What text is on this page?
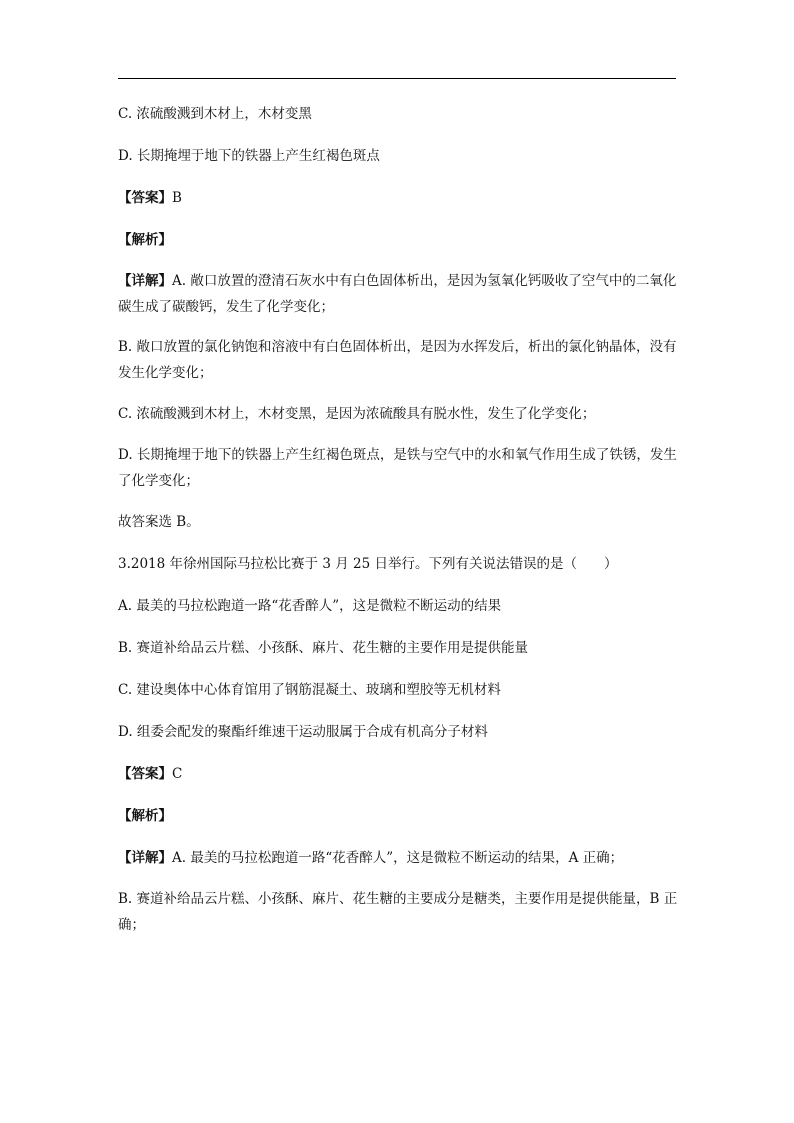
C. 浓硫酸溅到木材上，木材变黑

D. 长期掩埋于地下的铁器上产生红褐色斑点

【答案】B

【解析】

【详解】A. 敞口放置的澄清石灰水中有白色固体析出，是因为氢氧化钙吸收了空气中的二氧化碳生成了碳酸钙，发生了化学变化；

B. 敞口放置的氯化钠饱和溶液中有白色固体析出，是因为水挥发后，析出的氯化钠晶体，没有发生化学变化；

C. 浓硫酸溅到木材上，木材变黑，是因为浓硫酸具有脱水性，发生了化学变化；

D. 长期掩埋于地下的铁器上产生红褐色斑点，是铁与空气中的水和氧气作用生成了铁锈，发生了化学变化；

故答案选 B。

3.2018 年徐州国际马拉松比赛于 3 月 25 日举行。下列有关说法错误的是（　　）

A. 最美的马拉松跑道一路“花香醉人”，这是微粒不断运动的结果

B. 赛道补给品云片糕、小孩酥、麻片、花生糖的主要作用是提供能量

C. 建设奥体中心体育馆用了钢筋混凝土、玻璃和塑胶等无机材料

D. 组委会配发的聚酯纤维速干运动服属于合成有机高分子材料

【答案】C

【解析】

【详解】A. 最美的马拉松跑道一路“花香醉人”，这是微粒不断运动的结果，A 正确；

B. 赛道补给品云片糕、小孩酥、麻片、花生糖的主要成分是糖类，主要作用是提供能量，B 正确；
